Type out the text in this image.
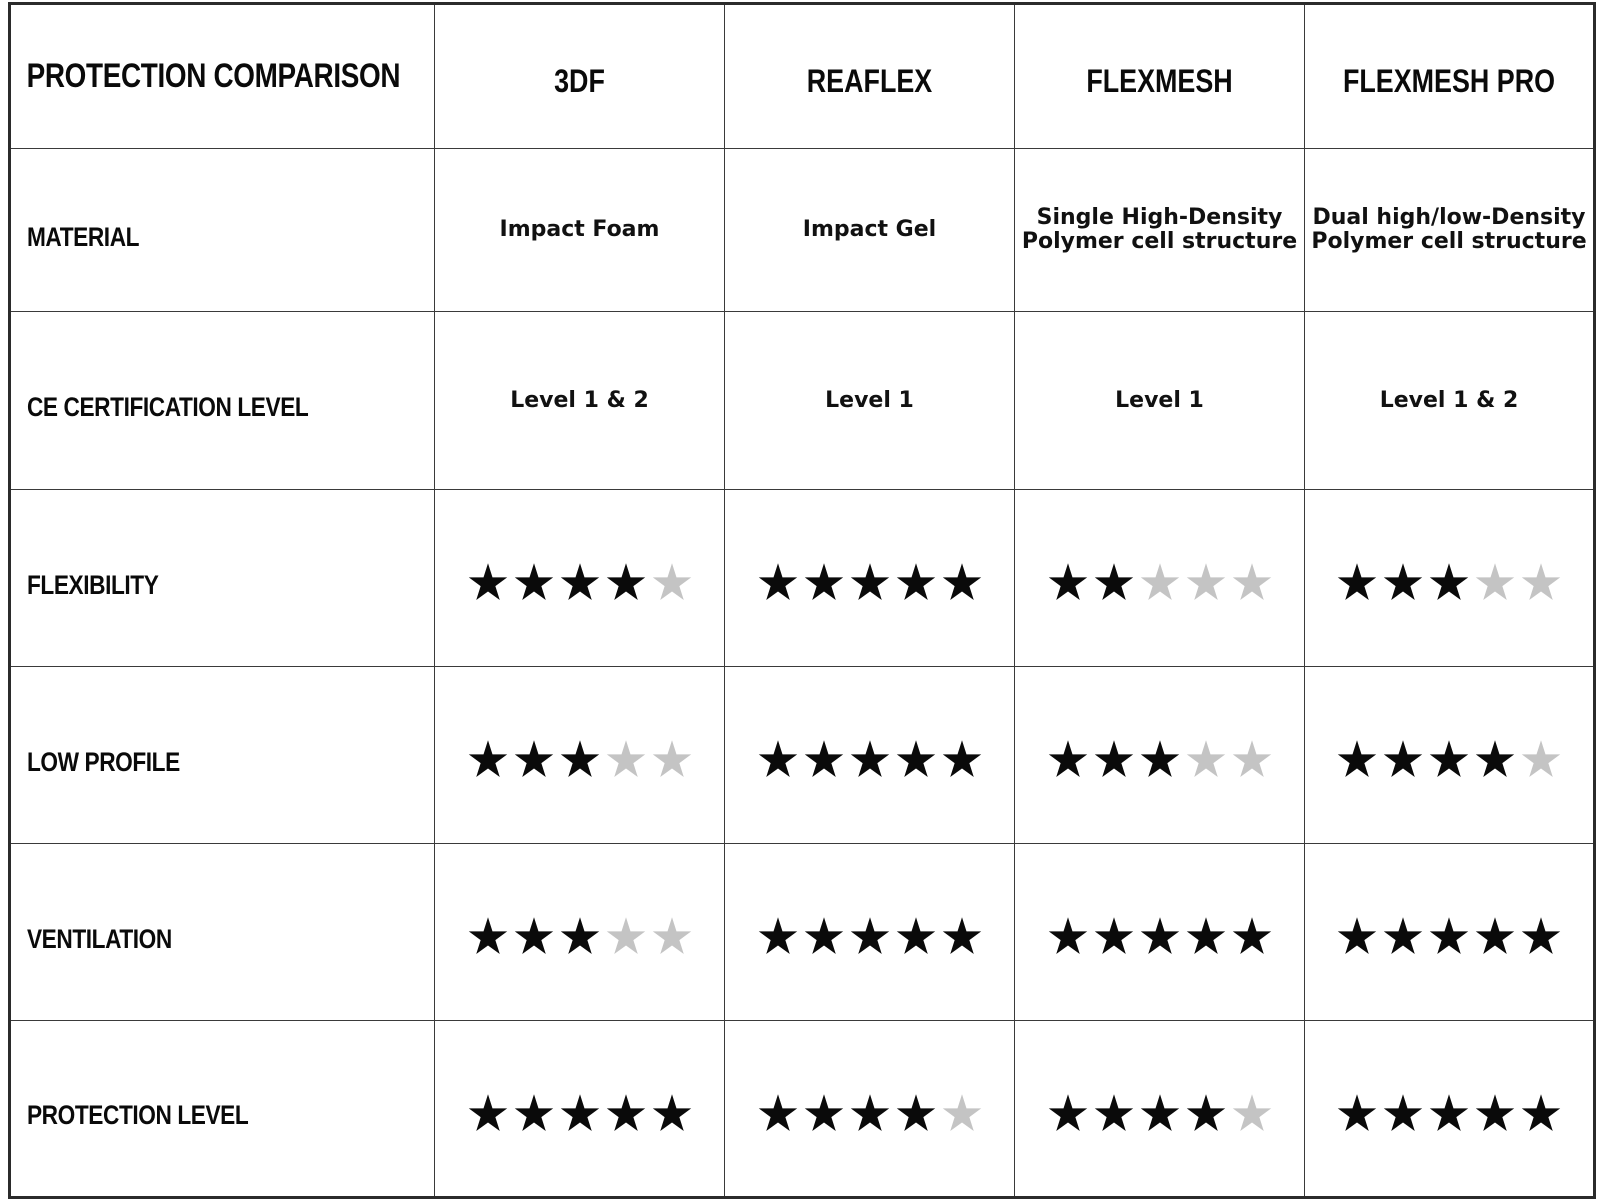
PROTECTION COMPARISON	3DF	REAFLEX	FLEXMESH	FLEXMESH PRO

MATERIAL	Impact Foam	Impact Gel	Single High-Density Polymer cell structure	Dual high/low-Density Polymer cell structure

CE CERTIFICATION LEVEL	Level 1 & 2	Level 1	Level 1	Level 1 & 2

FLEXIBILITY

LOW PROFILE

VENTILATION

PROTECTION LEVEL
